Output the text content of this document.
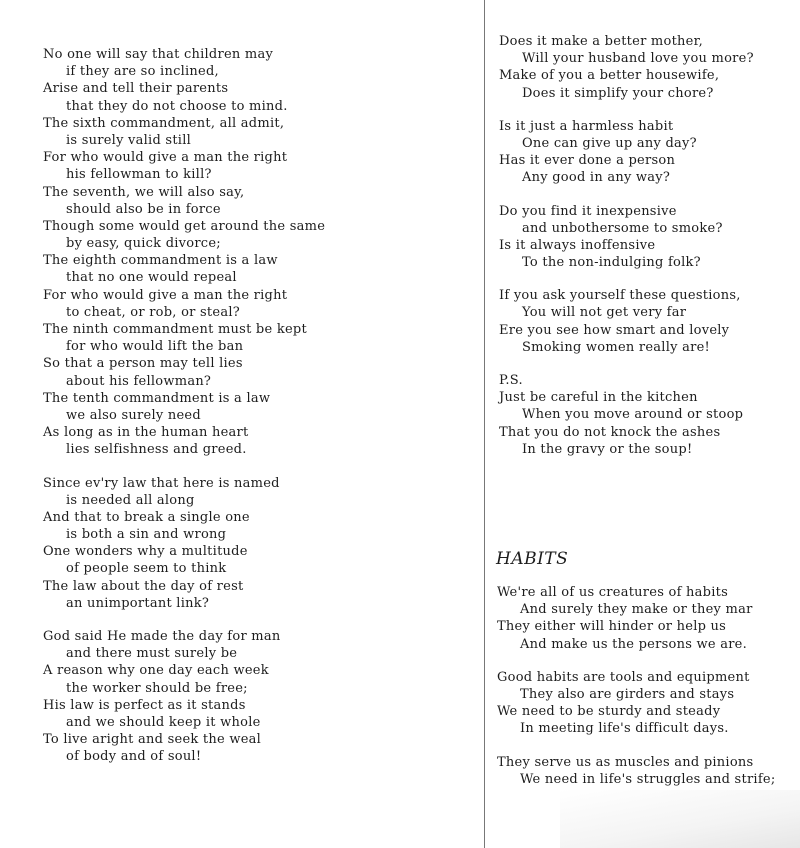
No one will say that children may
if they are so inclined,
Arise and tell their parents
that they do not choose to mind.
The sixth commandment, all admit,
is surely valid still
For who would give a man the right
his fellowman to kill?
The seventh, we will also say,
should also be in force
Though some would get around the same
by easy, quick divorce;
The eighth commandment is a law
that no one would repeal
For who would give a man the right
to cheat, or rob, or steal?
The ninth commandment must be kept
for who would lift the ban
So that a person may tell lies
about his fellowman?
The tenth commandment is a law
we also surely need
As long as in the human heart
lies selfishness and greed.
Since ev'ry law that here is named
is needed all along
And that to break a single one
is both a sin and wrong
One wonders why a multitude
of people seem to think
The law about the day of rest
an unimportant link?
God said He made the day for man
and there must surely be
A reason why one day each week
the worker should be free;
His law is perfect as it stands
and we should keep it whole
To live aright and seek the weal
of body and of soul!
Does it make a better mother,
Will your husband love you more?
Make of you a better housewife,
Does it simplify your chore?
Is it just a harmless habit
One can give up any day?
Has it ever done a person
Any good in any way?
Do you find it inexpensive
and unbothersome to smoke?
Is it always inoffensive
To the non-indulging folk?
If you ask yourself these questions,
You will not get very far
Ere you see how smart and lovely
Smoking women really are!
P.S.
Just be careful in the kitchen
When you move around or stoop
That you do not knock the ashes
In the gravy or the soup!
HABITS
We're all of us creatures of habits
And surely they make or they mar
They either will hinder or help us
And make us the persons we are.
Good habits are tools and equipment
They also are girders and stays
We need to be sturdy and steady
In meeting life's difficult days.
They serve us as muscles and pinions
We need in life's struggles and strife;
